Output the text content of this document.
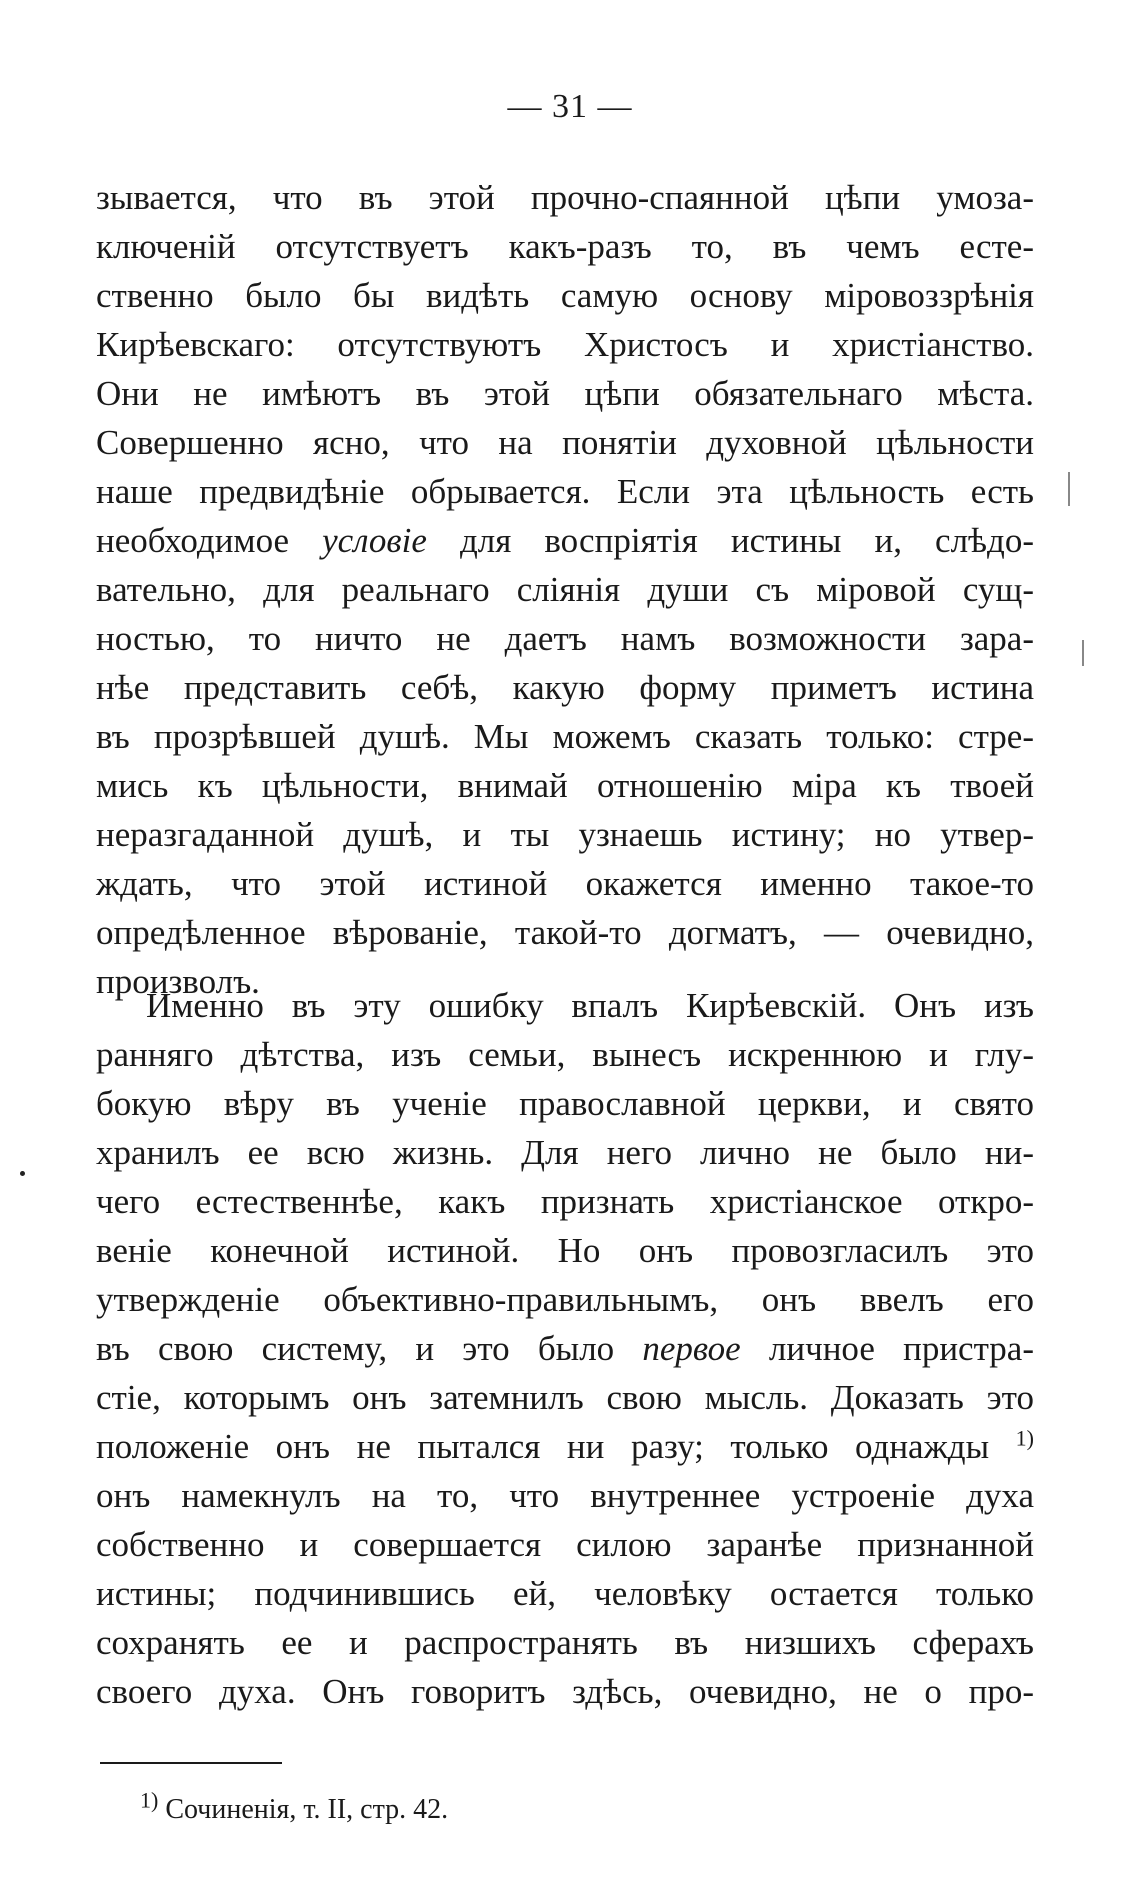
— 31 —
зывается, что въ этой прочно-спаянной цѣпи умоза-
ключеній отсутствуетъ какъ-разъ то, въ чемъ есте-
ственно было бы видѣть самую основу міровоззрѣнія
Кирѣевскаго: отсутствуютъ Христосъ и христіанство.
Они не имѣютъ въ этой цѣпи обязательнаго мѣста.
Совершенно ясно, что на понятіи духовной цѣльности
наше предвидѣніе обрывается. Если эта цѣльность есть
необходимое условіе для воспріятія истины и, слѣдо-
вательно, для реальнаго сліянія души съ міровой сущ-
ностью, то ничто не даетъ намъ возможности зара-
нѣе представить себѣ, какую форму приметъ истина
въ прозрѣвшей душѣ. Мы можемъ сказать только: стре-
мись къ цѣльности, внимай отношенію міра къ твоей
неразгаданной душѣ, и ты узнаешь истину; но утвер-
ждать, что этой истиной окажется именно такое-то
опредѣленное вѣрованіе, такой-то догматъ, — очевидно,
произволъ.
Именно въ эту ошибку впалъ Кирѣевскій. Онъ изъ
ранняго дѣтства, изъ семьи, вынесъ искреннюю и глу-
бокую вѣру въ ученіе православной церкви, и свято
хранилъ ее всю жизнь. Для него лично не было ни-
чего естественнѣе, какъ признать христіанское откро-
веніе конечной истиной. Но онъ провозгласилъ это
утвержденіе объективно-правильнымъ, онъ ввелъ его
въ свою систему, и это было первое личное пристра-
стіе, которымъ онъ затемнилъ свою мысль. Доказать это
положеніе онъ не пытался ни разу; только однажды $^{1)}$
онъ намекнулъ на то, что внутреннее устроеніе духа
собственно и совершается силою заранѣе признанной
истины; подчинившись ей, человѣку остается только
сохранять ее и распространять въ низшихъ сферахъ
своего духа. Онъ говоритъ здѣсь, очевидно, не о про-
$^{1)}$ Сочиненія, т. II, стр. 42.
